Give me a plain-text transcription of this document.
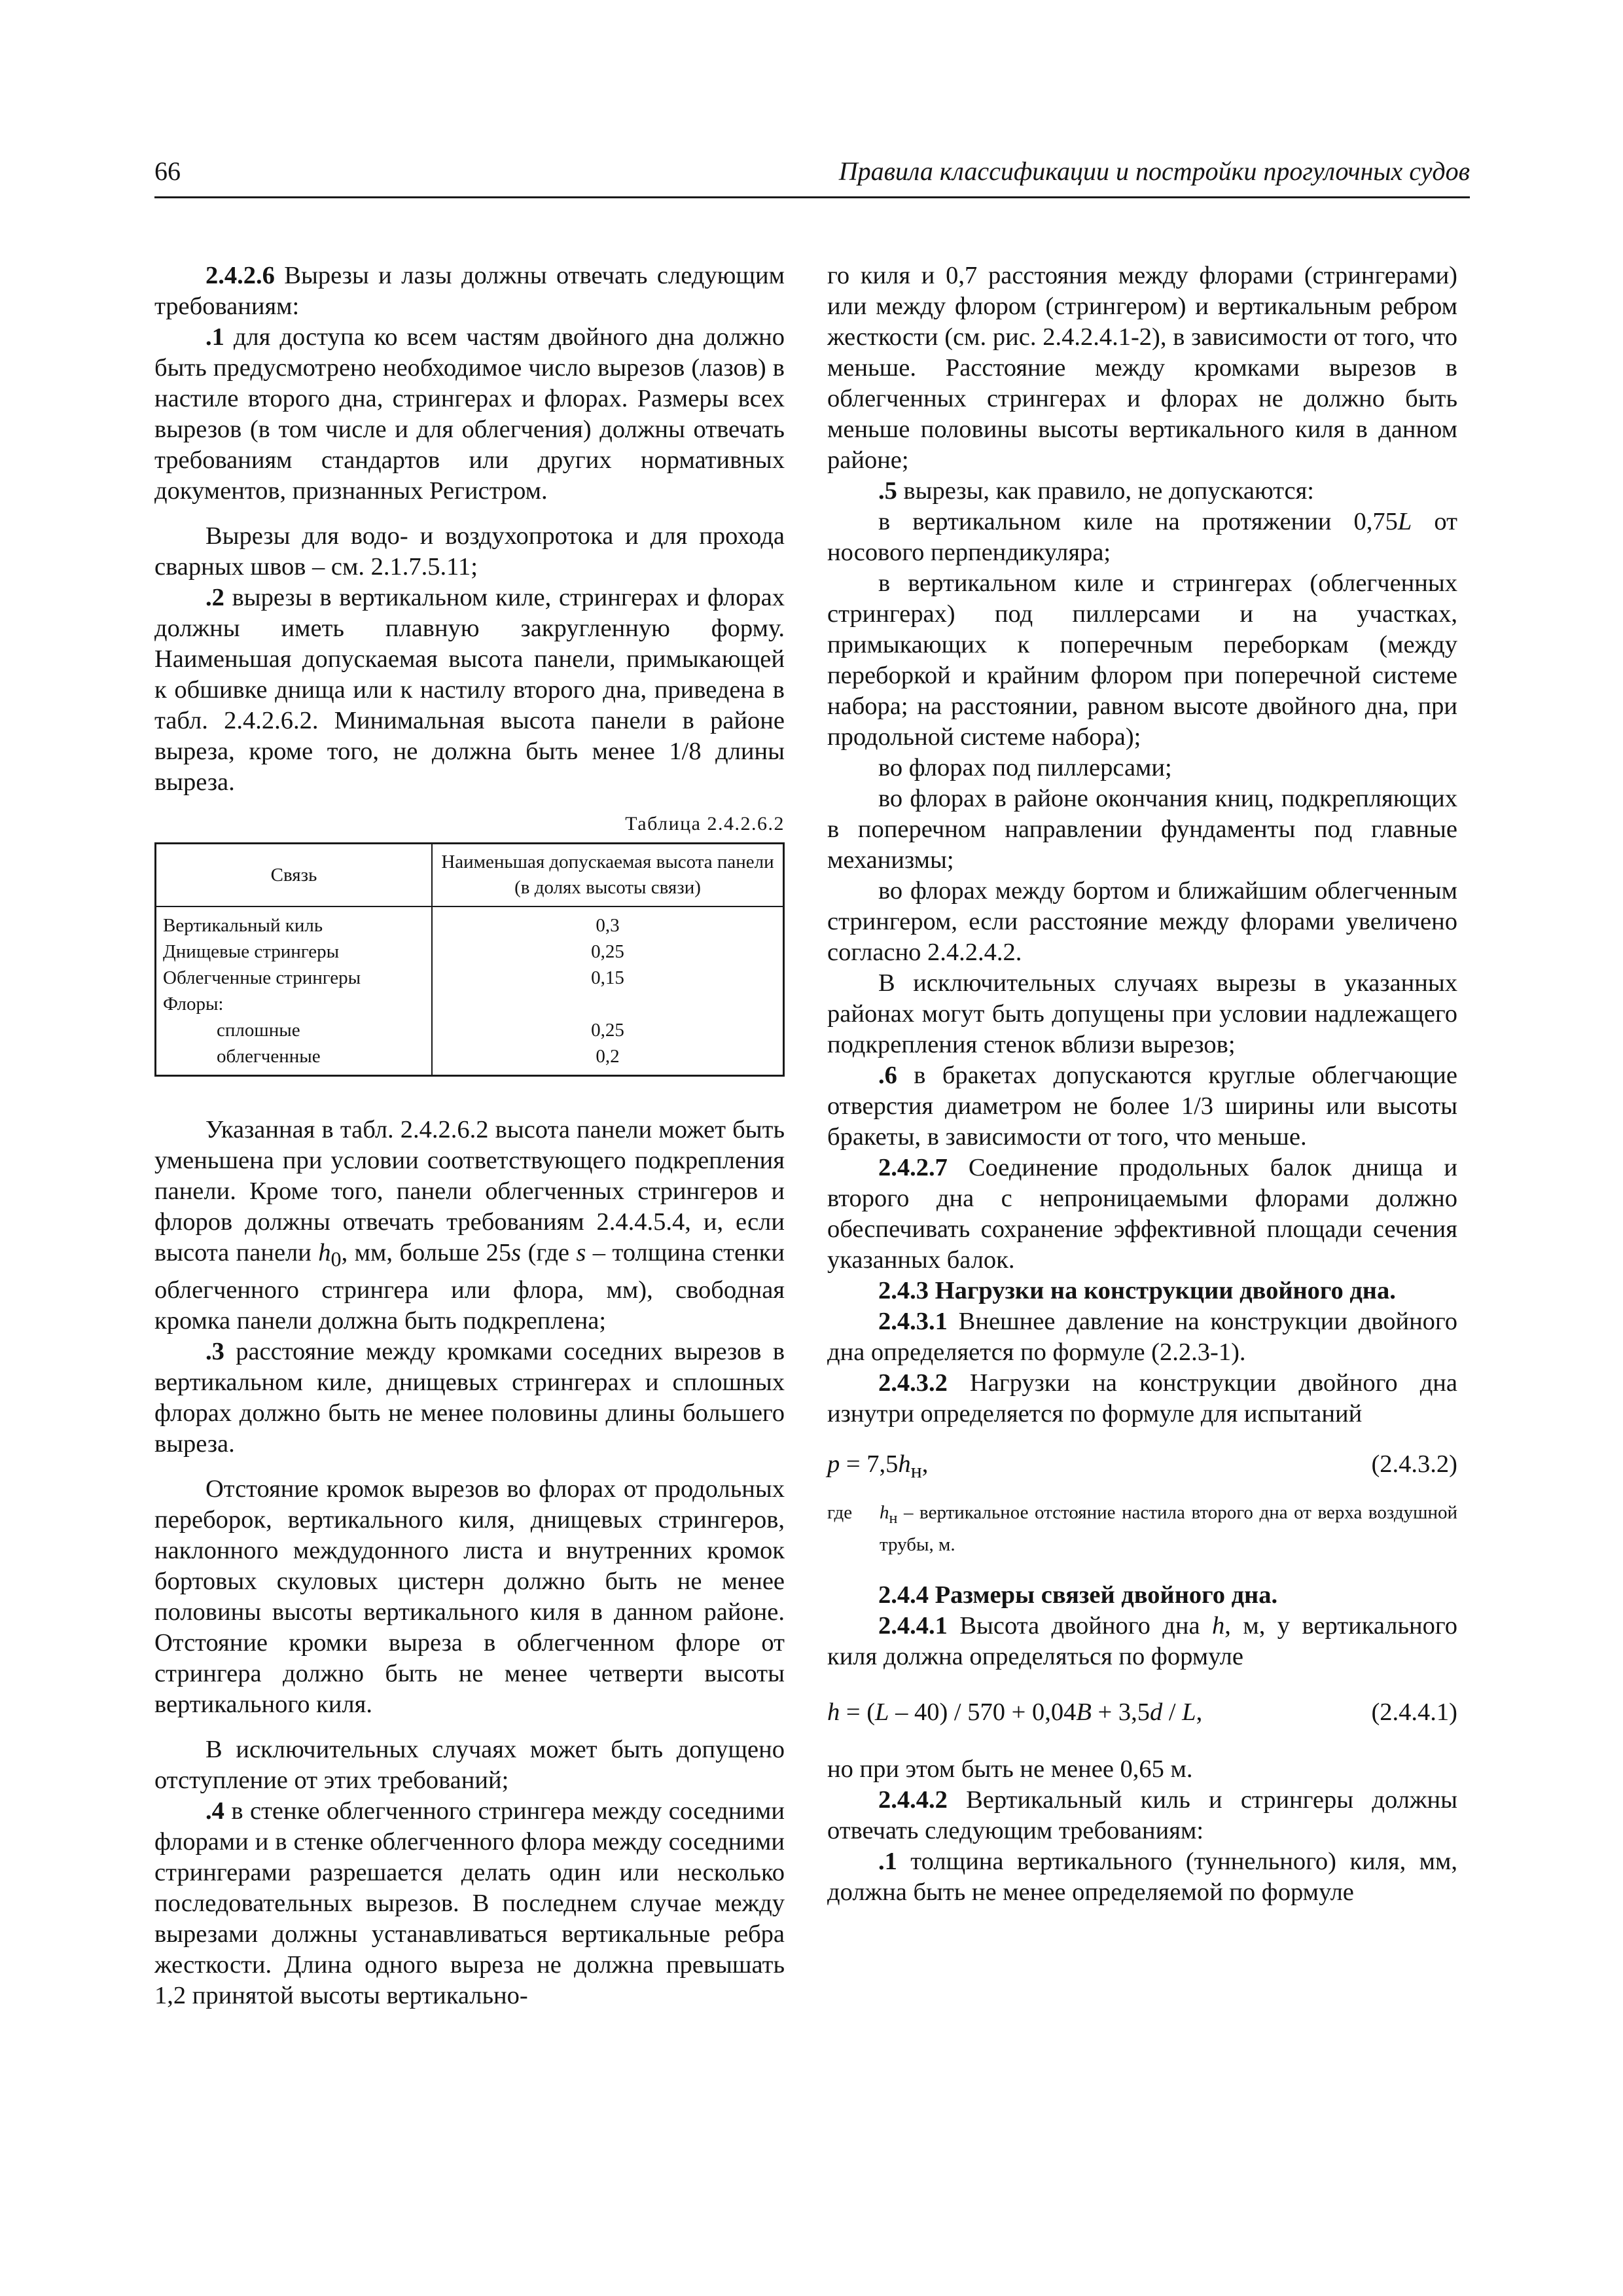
66	Правила классификации и постройки прогулочных судов

2.4.2.6 Вырезы и лазы должны отвечать следующим требованиям:

.1 для доступа ко всем частям двойного дна должно быть предусмотрено необходимое число вырезов (лазов) в настиле второго дна, стрингерах и флорах. Размеры всех вырезов (в том числе и для облегчения) должны отвечать требованиям стандартов или других нормативных документов, признанных Регистром.

Вырезы для водо- и воздухопротока и для прохода сварных швов – см. 2.1.7.5.11;

.2 вырезы в вертикальном киле, стрингерах и флорах должны иметь плавную закругленную форму. Наименьшая допускаемая высота панели, примыкающей к обшивке днища или к настилу второго дна, приведена в табл. 2.4.2.6.2. Минимальная высота панели в районе выреза, кроме того, не должна быть менее 1/8 длины выреза.

Таблица 2.4.2.6.2
Связь	Наименьшая допускаемая высота панели (в долях высоты связи)
Вертикальный киль	0,3
Днищевые стрингеры	0,25
Облегченные стрингеры	0,15
Флоры:	
сплошные	0,25
облегченные	0,2

Указанная в табл. 2.4.2.6.2 высота панели может быть уменьшена при условии соответствующего подкрепления панели. Кроме того, панели облегченных стрингеров и флоров должны отвечать требованиям 2.4.4.5.4, и, если высота панели $h_0$, мм, больше 25s (где s – толщина стенки облегченного стрингера или флора, мм), свободная кромка панели должна быть подкреплена;

.3 расстояние между кромками соседних вырезов в вертикальном киле, днищевых стрингерах и сплошных флорах должно быть не менее половины длины большего выреза.

Отстояние кромок вырезов во флорах от продольных переборок, вертикального киля, днищевых стрингеров, наклонного междудонного листа и внутренних кромок бортовых скуловых цистерн должно быть не менее половины высоты вертикального киля в данном районе. Отстояние кромки выреза в облегченном флоре от стрингера должно быть не менее четверти высоты вертикального киля.

В исключительных случаях может быть допущено отступление от этих требований;

.4 в стенке облегченного стрингера между соседними флорами и в стенке облегченного флора между соседними стрингерами разрешается делать один или несколько последовательных вырезов. В последнем случае между вырезами должны устанавливаться вертикальные ребра жесткости. Длина одного выреза не должна превышать 1,2 принятой высоты вертикально-

го киля и 0,7 расстояния между флорами (стрингерами) или между флором (стрингером) и вертикальным ребром жесткости (см. рис. 2.4.2.4.1-2), в зависимости от того, что меньше. Расстояние между кромками вырезов в облегченных стрингерах и флорах не должно быть меньше половины высоты вертикального киля в данном районе;

.5 вырезы, как правило, не допускаются:

в вертикальном киле на протяжении 0,75L от носового перпендикуляра;

в вертикальном киле и стрингерах (облегченных стрингерах) под пиллерсами и на участках, примыкающих к поперечным переборкам (между переборкой и крайним флором при поперечной системе набора; на расстоянии, равном высоте двойного дна, при продольной системе набора);

во флорах под пиллерсами;

во флорах в районе окончания книц, подкрепляющих в поперечном направлении фундаменты под главные механизмы;

во флорах между бортом и ближайшим облегченным стрингером, если расстояние между флорами увеличено согласно 2.4.2.4.2.

В исключительных случаях вырезы в указанных районах могут быть допущены при условии надлежащего подкрепления стенок вблизи вырезов;

.6 в бракетах допускаются круглые облегчающие отверстия диаметром не более 1/3 ширины или высоты бракеты, в зависимости от того, что меньше.

2.4.2.7 Соединение продольных балок днища и второго дна с непроницаемыми флорами должно обеспечивать сохранение эффективной площади сечения указанных балок.

2.4.3 Нагрузки на конструкции двойного дна.

2.4.3.1 Внешнее давление на конструкции двойного дна определяется по формуле (2.2.3-1).

2.4.3.2 Нагрузки на конструкции двойного дна изнутри определяется по формуле для испытаний

$p = 7,5h_н$,	(2.4.3.2)
где $h_н$ – вертикальное отстояние настила второго дна от верха воздушной трубы, м.

2.4.4 Размеры связей двойного дна.

2.4.4.1 Высота двойного дна h, м, у вертикального киля должна определяться по формуле

h = (L – 40) / 570 + 0,04B + 3,5d / L,	(2.4.4.1)

но при этом быть не менее 0,65 м.

2.4.4.2 Вертикальный киль и стрингеры должны отвечать следующим требованиям:

.1 толщина вертикального (туннельного) киля, мм, должна быть не менее определяемой по формуле
